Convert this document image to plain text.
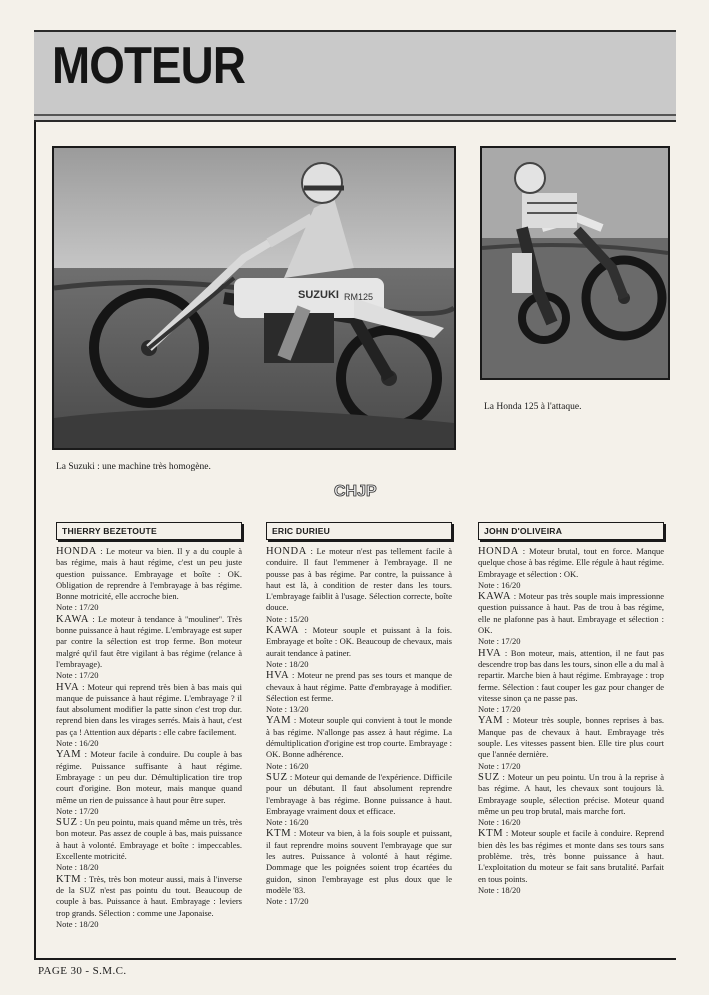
MOTEUR
SUZUKI RM125
La Suzuki : une machine très homogène.
La Honda 125 à l'attaque.
CHJP
THIERRY BEZETOUTE

HONDA : Le moteur va bien. Il y a du couple à bas régime, mais à haut régime, c'est un peu juste question puissance. Embrayage et boîte : OK. Obligation de reprendre à l'embrayage à bas régime. Bonne motricité, elle accroche bien.
Note : 17/20

KAWA : Le moteur à tendance à ''mouliner''. Très bonne puissance à haut régime. L'embrayage est super par contre la sélection est trop ferme. Bon moteur malgré qu'il faut être vigilant à bas régime (relance à l'embrayage).
Note : 17/20

HVA : Moteur qui reprend très bien à bas mais qui manque de puissance à haut régime. L'embrayage ? il faut absolument modifier la patte sinon c'est trop dur. reprend bien dans les virages serrés. Mais à haut, c'est pas ça ! Attention aux départs : elle cabre facilement.
Note : 16/20

YAM : Moteur facile à conduire. Du couple à bas régime. Puissance suffisante à haut régime. Embrayage : un peu dur. Démultiplication tire trop court d'origine. Bon moteur, mais manque quand même un rien de puissance à haut pour être super.
Note : 17/20

SUZ : Un peu pointu, mais quand même un très, très bon moteur. Pas assez de couple à bas, mais puissance à haut à volonté. Embrayage et boîte : impeccables. Excellente motricité.
Note : 18/20

KTM : Très, très bon moteur aussi, mais à l'inverse de la SUZ n'est pas pointu du tout. Beaucoup de couple à bas. Puissance à haut. Embrayage : leviers trop grands. Sélection : comme une Japonaise.
Note : 18/20

ERIC DURIEU

HONDA : Le moteur n'est pas tellement facile à conduire. Il faut l'emmener à l'embrayage. Il ne pousse pas à bas régime. Par contre, la puissance à haut est là, à condition de rester dans les tours. L'embrayage faiblit à l'usage. Sélection correcte, boîte douce.
Note : 15/20

KAWA : Moteur souple et puissant à la fois. Embrayage et boîte : OK. Beaucoup de chevaux, mais aurait tendance à patiner.
Note : 18/20

HVA : Moteur ne prend pas ses tours et manque de chevaux à haut régime. Patte d'embrayage à modifier. Sélection est ferme.
Note : 13/20

YAM : Moteur souple qui convient à tout le monde à bas régime. N'allonge pas assez à haut régime. La démultiplication d'origine est trop courte. Embrayage : OK. Bonne adhérence.
Note : 16/20

SUZ : Moteur qui demande de l'expérience. Difficile pour un débutant. Il faut absolument reprendre l'embrayage à bas régime. Bonne puissance à haut. Embrayage vraiment doux et efficace.
Note : 16/20

KTM : Moteur va bien, à la fois souple et puissant, il faut reprendre moins souvent l'embrayage que sur les autres. Puissance à volonté à haut régime. Dommage que les poignées soient trop écartées du guidon, sinon l'embrayage est plus doux que le modèle '83.
Note : 17/20

JOHN D'OLIVEIRA

HONDA : Moteur brutal, tout en force. Manque quelque chose à bas régime. Elle régule à haut régime. Embrayage et sélection : OK.
Note : 16/20

KAWA : Moteur pas très souple mais impressionne question puissance à haut. Pas de trou à bas régime, elle ne plafonne pas à haut. Embrayage et sélection : OK.
Note : 17/20

HVA : Bon moteur, mais, attention, il ne faut pas descendre trop bas dans les tours, sinon elle a du mal à repartir. Marche bien à haut régime. Embrayage : trop ferme. Sélection : faut couper les gaz pour changer de vitesse sinon ça ne passe pas.
Note : 17/20

YAM : Moteur très souple, bonnes reprises à bas. Manque pas de chevaux à haut. Embrayage très souple. Les vitesses passent bien. Elle tire plus court que l'année dernière.
Note : 17/20

SUZ : Moteur un peu pointu. Un trou à la reprise à bas régime. A haut, les chevaux sont toujours là. Embrayage souple, sélection précise. Moteur quand même un peu trop brutal, mais marche fort.
Note : 16/20

KTM : Moteur souple et facile à conduire. Reprend bien dès les bas régimes et monte dans ses tours sans problème. très, très bonne puissance à haut. L'exploitation du moteur se fait sans brutalité. Parfait en tous points.
Note : 18/20

PAGE 30 - S.M.C.
